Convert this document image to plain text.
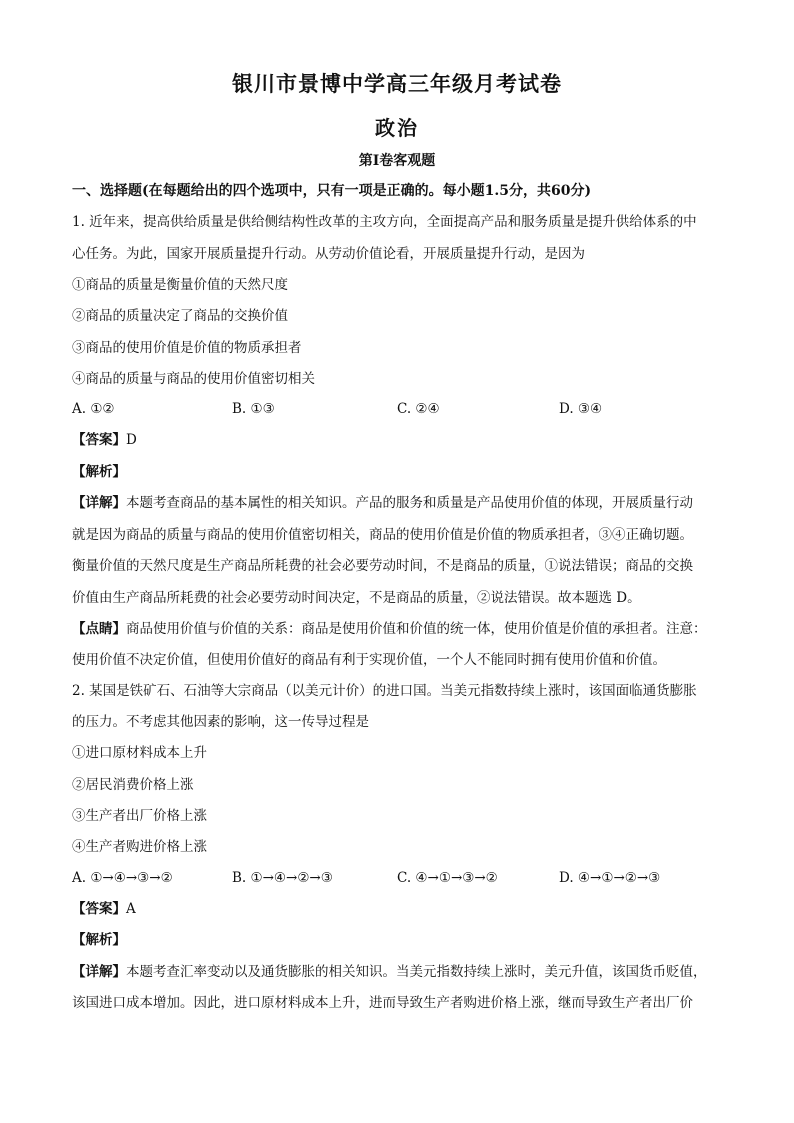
银川市景博中学高三年级月考试卷
政治
第Ⅰ卷客观题

一、选择题(在每题给出的四个选项中，只有一项是正确的。每小题1.5分，共60分)

1. 近年来，提高供给质量是供给侧结构性改革的主攻方向，全面提高产品和服务质量是提升供给体系的中

心任务。为此，国家开展质量提升行动。从劳动价值论看，开展质量提升行动，是因为

①商品的质量是衡量价值的天然尺度

②商品的质量决定了商品的交换价值

③商品的使用价值是价值的物质承担者

④商品的质量与商品的使用价值密切相关

A. ①②	B. ①③	C. ②④	D. ③④

【答案】D

【解析】

【详解】本题考查商品的基本属性的相关知识。产品的服务和质量是产品使用价值的体现，开展质量行动

就是因为商品的质量与商品的使用价值密切相关，商品的使用价值是价值的物质承担者，③④正确切题。

衡量价值的天然尺度是生产商品所耗费的社会必要劳动时间，不是商品的质量，①说法错误；商品的交换

价值由生产商品所耗费的社会必要劳动时间决定，不是商品的质量，②说法错误。故本题选 D。

【点睛】商品使用价值与价值的关系：商品是使用价值和价值的统一体，使用价值是价值的承担者。注意：

使用价值不决定价值，但使用价值好的商品有利于实现价值，一个人不能同时拥有使用价值和价值。

2. 某国是铁矿石、石油等大宗商品（以美元计价）的进口国。当美元指数持续上涨时，该国面临通货膨胀

的压力。不考虑其他因素的影响，这一传导过程是

①进口原材料成本上升

②居民消费价格上涨

③生产者出厂价格上涨

④生产者购进价格上涨

A. ①→④→③→②	B. ①→④→②→③	C. ④→①→③→②	D. ④→①→②→③

【答案】A

【解析】

【详解】本题考查汇率变动以及通货膨胀的相关知识。当美元指数持续上涨时，美元升值，该国货币贬值，

该国进口成本增加。因此，进口原材料成本上升，进而导致生产者购进价格上涨，继而导致生产者出厂价
